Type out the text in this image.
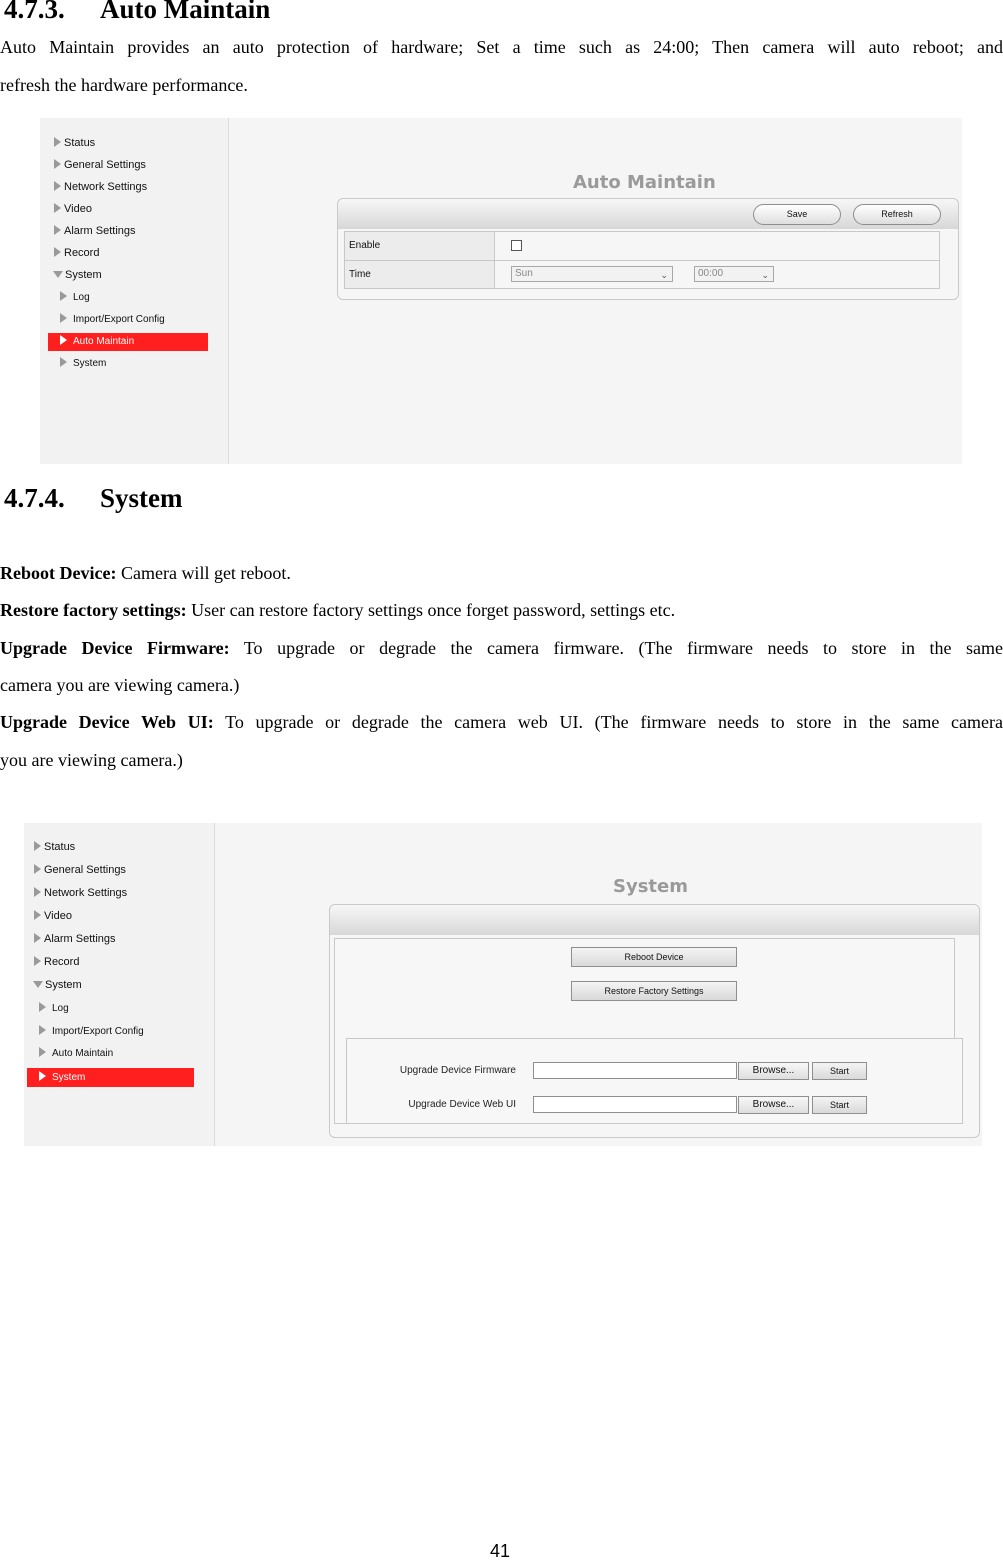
4.7.3. Auto Maintain

Auto Maintain provides an auto protection of hardware; Set a time such as 24:00; Then camera will auto reboot; and

refresh the hardware performance.

Status
General Settings
Network Settings
Video
Alarm Settings
Record
System
Log
Import/Export Config
Auto Maintain
System
Auto Maintain
Save	Refresh
Enable
Time	Sun	⌄	00:00	⌄
4.7.4. System

Reboot Device: Camera will get reboot.

Restore factory settings: User can restore factory settings once forget password, settings etc.

Upgrade Device Firmware: To upgrade or degrade the camera firmware. (The firmware needs to store in the same

camera you are viewing camera.)

Upgrade Device Web UI: To upgrade or degrade the camera web UI. (The firmware needs to store in the same camera

you are viewing camera.)

Status
General Settings
Network Settings
Video
Alarm Settings
Record
System
Log
Import/Export Config
Auto Maintain
System
System
Reboot Device
Restore Factory Settings
Upgrade Device Firmware	Browse...	Start
Upgrade Device Web UI	Browse...	Start
41
